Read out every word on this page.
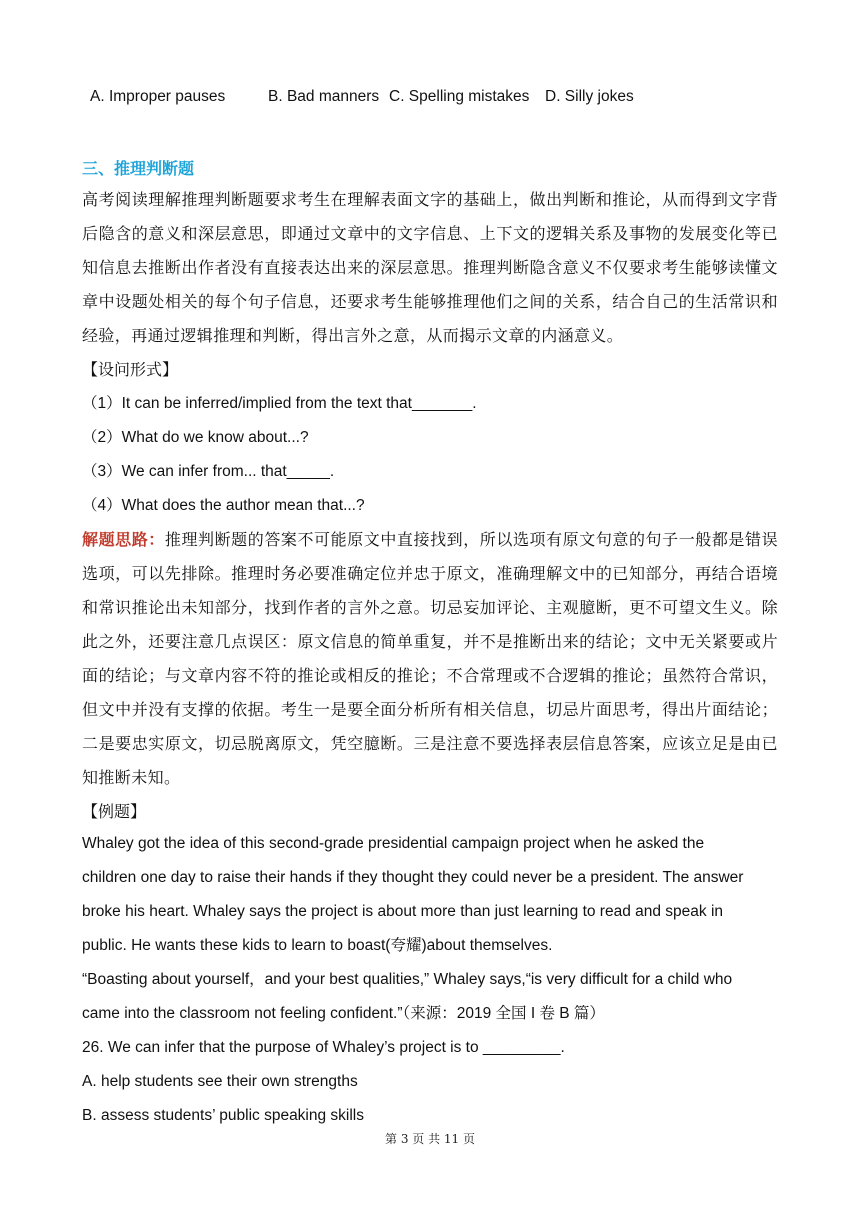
A. Improper pauses	B. Bad manners C. Spelling mistakes D. Silly jokes
三、推理判断题
高考阅读理解推理判断题要求考生在理解表面文字的基础上，做出判断和推论，从而得到文字背后隐含的意义和深层意思，即通过文章中的文字信息、上下文的逻辑关系及事物的发展变化等已知信息去推断出作者没有直接表达出来的深层意思。推理判断隐含意义不仅要求考生能够读懂文章中设题处相关的每个句子信息，还要求考生能够推理他们之间的关系，结合自己的生活常识和经验，再通过逻辑推理和判断，得出言外之意，从而揭示文章的内涵意义。
【设问形式】
（1）It can be inferred/implied from the text that_______.
（2）What do we know about...?
（3）We can infer from... that_____.
（4）What does the author mean that...?
解题思路：推理判断题的答案不可能原文中直接找到，所以选项有原文句意的句子一般都是错误选项，可以先排除。推理时务必要准确定位并忠于原文，准确理解文中的已知部分，再结合语境和常识推论出未知部分，找到作者的言外之意。切忌妄加评论、主观臆断，更不可望文生义。除此之外，还要注意几点误区：原文信息的简单重复，并不是推断出来的结论；文中无关紧要或片面的结论；与文章内容不符的推论或相反的推论；不合常理或不合逻辑的推论；虽然符合常识，但文中并没有支撑的依据。考生一是要全面分析所有相关信息，切忌片面思考，得出片面结论；二是要忠实原文，切忌脱离原文，凭空臆断。三是注意不要选择表层信息答案，应该立足是由已知推断未知。
【例题】
Whaley got the idea of this second-grade presidential campaign project when he asked the
children one day to raise their hands if they thought they could never be a president. The answer
broke his heart. Whaley says the project is about more than just learning to read and speak in
public. He wants these kids to learn to boast(夸耀)about themselves.
“Boasting about yourself，and your best qualities,” Whaley says,“is very difficult for a child who
came into the classroom not feeling confident.”（来源：2019 全国 I 卷 B 篇）
26. We can infer that the purpose of Whaley’s project is to _________.
A. help students see their own strengths
B. assess students’ public speaking skills
第 3 页 共 11 页
